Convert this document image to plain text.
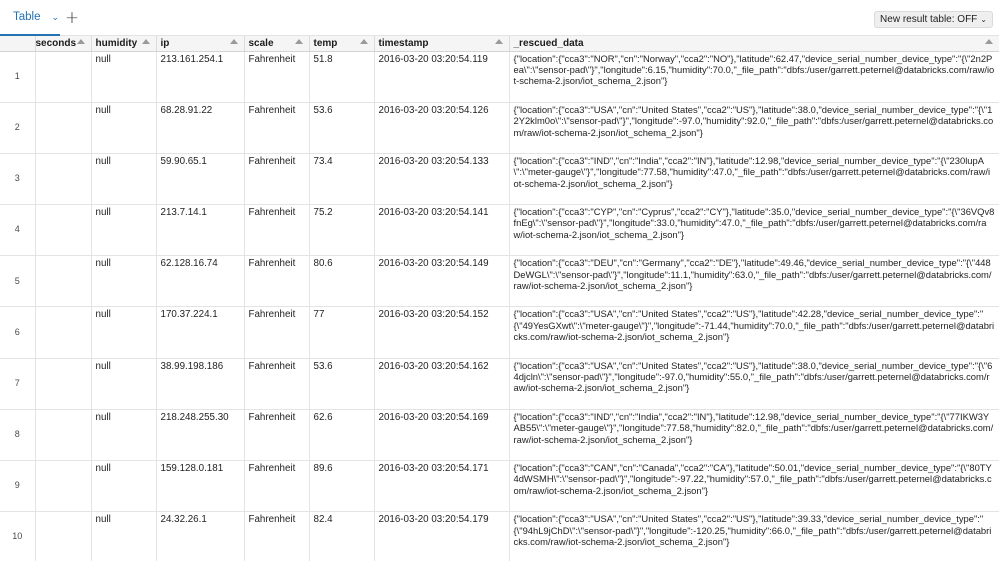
Table ⌄ +	New result table: OFF ⌄
	seconds	humidity	ip	scale	temp	timestamp	_rescued_data

1		null	213.161.254.1	Fahrenheit	51.8	2016-03-20 03:20:54.119	{"location":{"cca3":"NOR","cn":"Norway","cca2":"NO"},"latitude":62.47,"device_serial_number_device_type":"{\"2n2Pea\":\"sensor-pad\"}","longitude":6.15,"humidity":70.0,"_file_path":"dbfs:/user/garrett.peternel@databricks.com/raw/iot-schema-2.json/iot_schema_2.json"}
2		null	68.28.91.22	Fahrenheit	53.6	2016-03-20 03:20:54.126	{"location":{"cca3":"USA","cn":"United States","cca2":"US"},"latitude":38.0,"device_serial_number_device_type":"{\"12Y2klm0o\":\"sensor-pad\"}","longitude":-97.0,"humidity":92.0,"_file_path":"dbfs:/user/garrett.peternel@databricks.com/raw/iot-schema-2.json/iot_schema_2.json"}
3		null	59.90.65.1	Fahrenheit	73.4	2016-03-20 03:20:54.133	{"location":{"cca3":"IND","cn":"India","cca2":"IN"},"latitude":12.98,"device_serial_number_device_type":"{\"230lupA\":\"meter-gauge\"}","longitude":77.58,"humidity":47.0,"_file_path":"dbfs:/user/garrett.peternel@databricks.com/raw/iot-schema-2.json/iot_schema_2.json"}
4		null	213.7.14.1	Fahrenheit	75.2	2016-03-20 03:20:54.141	{"location":{"cca3":"CYP","cn":"Cyprus","cca2":"CY"},"latitude":35.0,"device_serial_number_device_type":"{\"36VQv8fnEg\":\"sensor-pad\"}","longitude":33.0,"humidity":47.0,"_file_path":"dbfs:/user/garrett.peternel@databricks.com/raw/iot-schema-2.json/iot_schema_2.json"}
5		null	62.128.16.74	Fahrenheit	80.6	2016-03-20 03:20:54.149	{"location":{"cca3":"DEU","cn":"Germany","cca2":"DE"},"latitude":49.46,"device_serial_number_device_type":"{\"448DeWGL\":\"sensor-pad\"}","longitude":11.1,"humidity":63.0,"_file_path":"dbfs:/user/garrett.peternel@databricks.com/raw/iot-schema-2.json/iot_schema_2.json"}
6		null	170.37.224.1	Fahrenheit	77	2016-03-20 03:20:54.152	{"location":{"cca3":"USA","cn":"United States","cca2":"US"},"latitude":42.28,"device_serial_number_device_type":"{\"49YesGXwt\":\"meter-gauge\"}","longitude":-71.44,"humidity":70.0,"_file_path":"dbfs:/user/garrett.peternel@databricks.com/raw/iot-schema-2.json/iot_schema_2.json"}
7		null	38.99.198.186	Fahrenheit	53.6	2016-03-20 03:20:54.162	{"location":{"cca3":"USA","cn":"United States","cca2":"US"},"latitude":38.0,"device_serial_number_device_type":"{\"64djcln\":\"sensor-pad\"}","longitude":-97.0,"humidity":55.0,"_file_path":"dbfs:/user/garrett.peternel@databricks.com/raw/iot-schema-2.json/iot_schema_2.json"}
8		null	218.248.255.30	Fahrenheit	62.6	2016-03-20 03:20:54.169	{"location":{"cca3":"IND","cn":"India","cca2":"IN"},"latitude":12.98,"device_serial_number_device_type":"{\"77IKW3YAB55\":\"meter-gauge\"}","longitude":77.58,"humidity":82.0,"_file_path":"dbfs:/user/garrett.peternel@databricks.com/raw/iot-schema-2.json/iot_schema_2.json"}
9		null	159.128.0.181	Fahrenheit	89.6	2016-03-20 03:20:54.171	{"location":{"cca3":"CAN","cn":"Canada","cca2":"CA"},"latitude":50.01,"device_serial_number_device_type":"{\"80TY4dWSMH\":\"sensor-pad\"}","longitude":-97.22,"humidity":57.0,"_file_path":"dbfs:/user/garrett.peternel@databricks.com/raw/iot-schema-2.json/iot_schema_2.json"}
10		null	24.32.26.1	Fahrenheit	82.4	2016-03-20 03:20:54.179	{"location":{"cca3":"USA","cn":"United States","cca2":"US"},"latitude":39.33,"device_serial_number_device_type":"{\"94hL9jChD\":\"sensor-pad\"}","longitude":-120.25,"humidity":66.0,"_file_path":"dbfs:/user/garrett.peternel@databricks.com/raw/iot-schema-2.json/iot_schema_2.json"}
